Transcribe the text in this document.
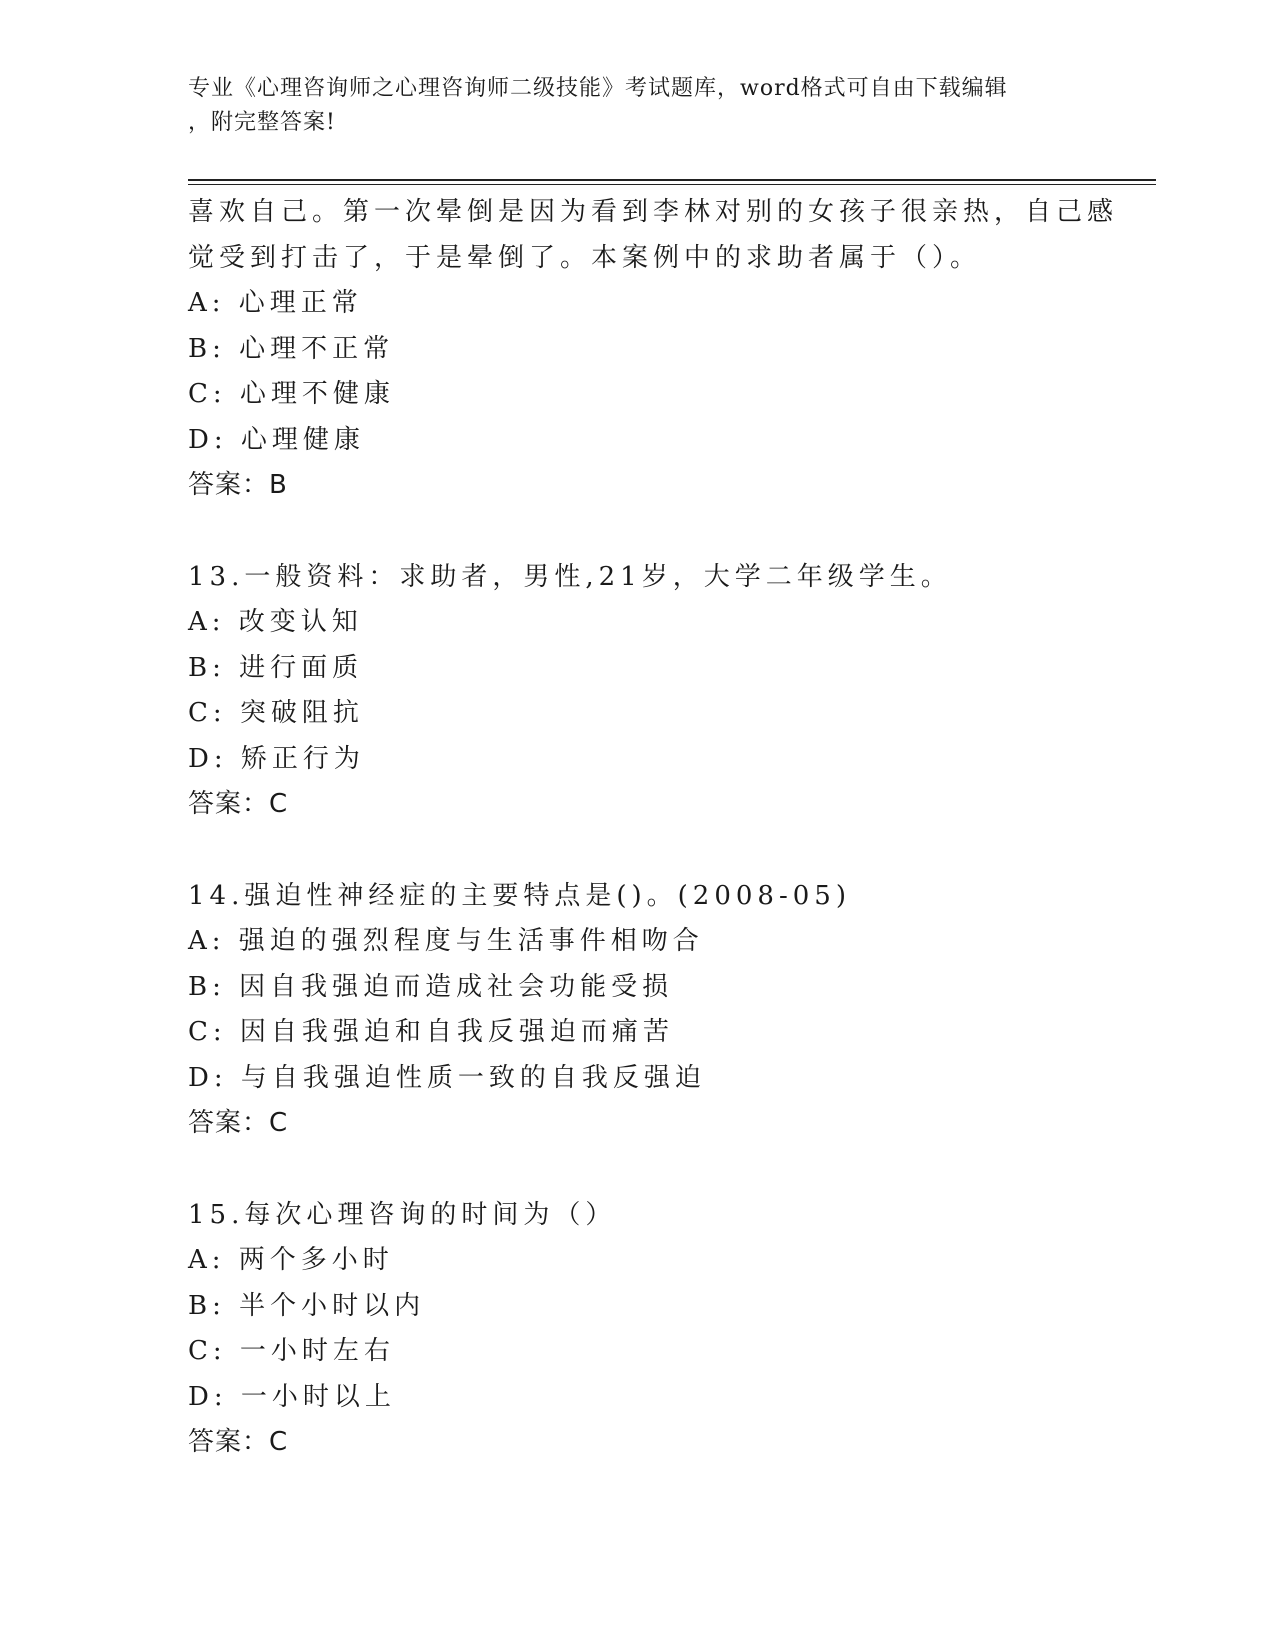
专业《心理咨询师之心理咨询师二级技能》考试题库，word格式可自由下载编辑
，附完整答案!
喜欢自己。第一次晕倒是因为看到李林对别的女孩子很亲热，自己感
觉受到打击了，于是晕倒了。本案例中的求助者属于（）。
A: 心理正常
B: 心理不正常
C: 心理不健康
D: 心理健康
答案：B
13.一般资料：求助者，男性,21岁，大学二年级学生。
A: 改变认知
B: 进行面质
C: 突破阻抗
D: 矫正行为
答案：C
14.强迫性神经症的主要特点是()。(2008-05)
A: 强迫的强烈程度与生活事件相吻合
B: 因自我强迫而造成社会功能受损
C: 因自我强迫和自我反强迫而痛苦
D: 与自我强迫性质一致的自我反强迫
答案：C
15.每次心理咨询的时间为（）
A: 两个多小时
B: 半个小时以内
C: 一小时左右
D: 一小时以上
答案：C
